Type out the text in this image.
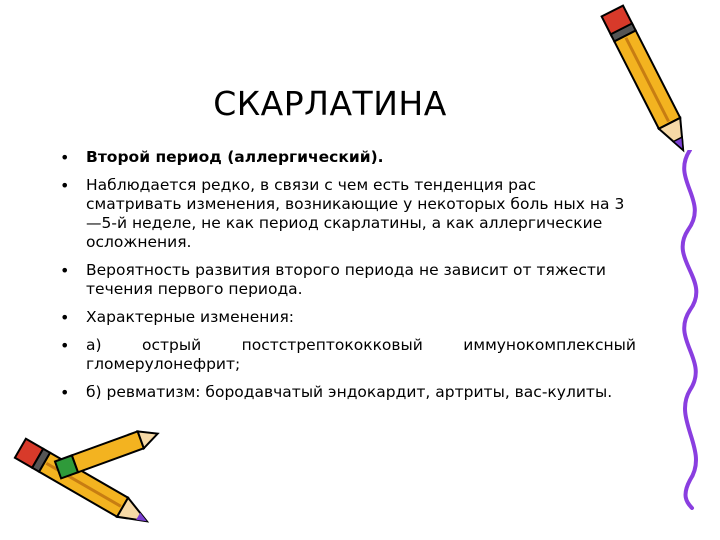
СКАРЛАТИНА
• Второй период (аллергический).
• Наблюдается редко, в связи с чем есть тенденция рас сматривать изменения, возникающие у некоторых боль ных на 3 —5-й неделе, не как период скарлатины, а как аллергические осложнения.
• Вероятность развития второго периода не зависит от тяжести течения первого периода.
• Характерные изменения:
• а) острый постстрептококковый иммунокомплексный гломерулонефрит;
• б) ревматизм: бородавчатый эндокардит, артриты, вас-кулиты.
